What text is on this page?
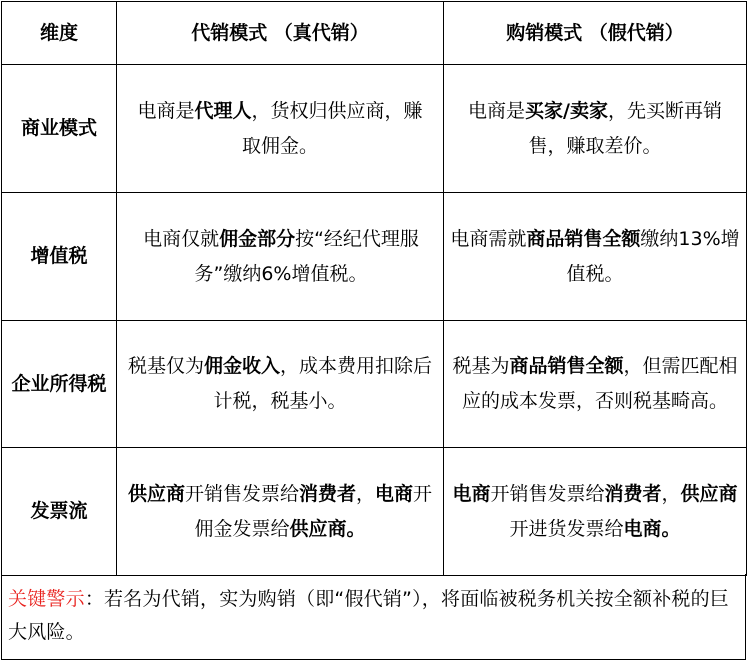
维度	代销模式 （真代销）	购销模式 （假代销）
商业模式	电商是代理人，货权归供应商，赚取佣金。	电商是买家/卖家，先买断再销售，赚取差价。
增值税	电商仅就佣金部分按“经纪代理服务”缴纳6%增值税。	电商需就商品销售全额缴纳13%增值税。
企业所得税	税基仅为佣金收入，成本费用扣除后计税，税基小。	税基为商品销售全额，但需匹配相应的成本发票，否则税基畸高。
发票流	供应商开销售发票给消费者，电商开佣金发票给供应商。	电商开销售发票给消费者，供应商开进货发票给电商。
关键警示：若名为代销，实为购销（即“假代销”），将面临被税务机关按全额补税的巨大风险。
